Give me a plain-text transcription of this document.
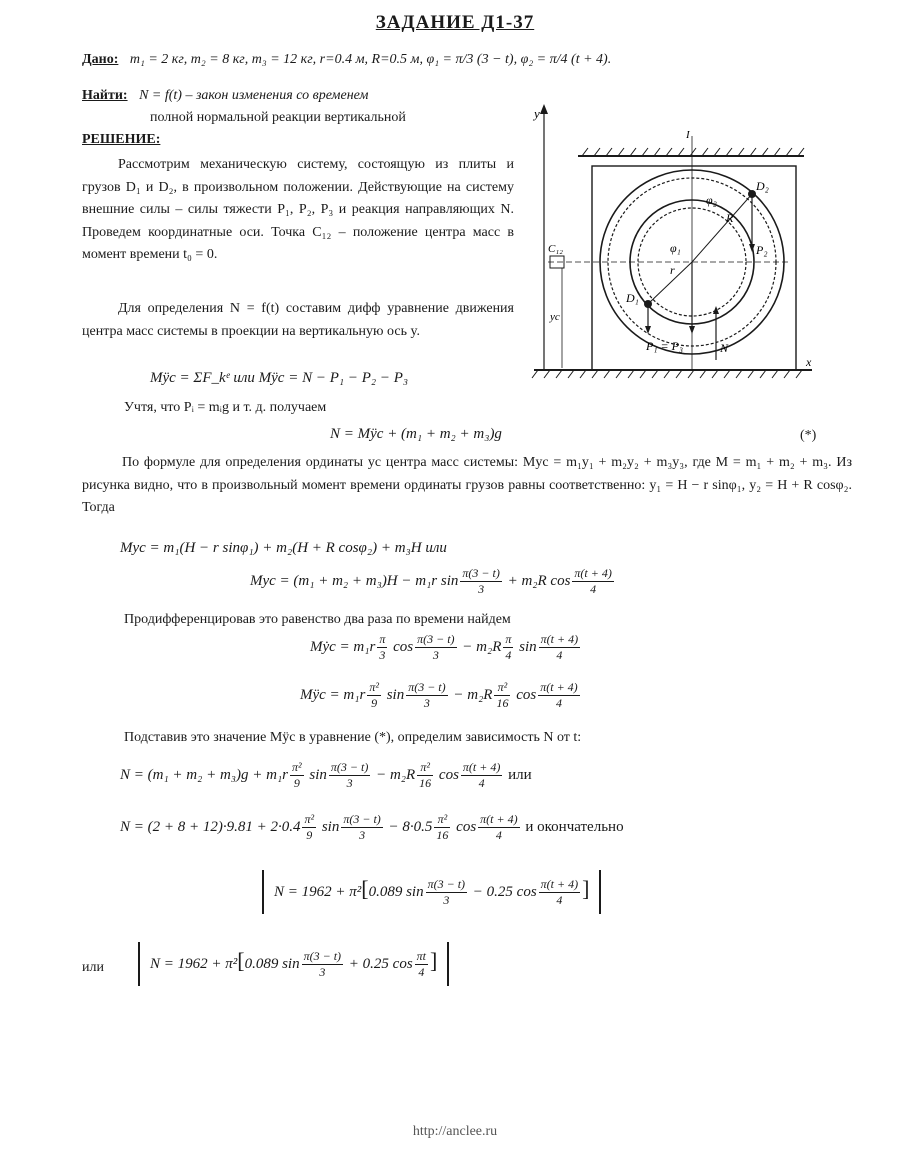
ЗАДАНИЕ Д1-37
Дано: m₁ = 2 кг, m₂ = 8 кг, m₃ = 12 кг, r=0.4 м, R=0.5 м, φ₁ = π/3 (3 − t), φ₂ = π/4 (t + 4).
Найти: N = f(t) – закон изменения со временем
полной нормальной реакции вертикальной
РЕШЕНИЕ:
Рассмотрим механическую систему, состоящую из плиты и грузов D₁ и D₂, в произвольном положении. Действующие на систему внешние силы – силы тяжести P₁, P₂, P₃ и реакция направляющих N. Проведем координатные оси. Точка C₁₂ – положение центра масс в момент времени t₀ = 0.
Для определения N = f(t) составим дифф уравнение движения центра масс системы в проекции на вертикальную ось y.
y
x
I
r
R
D₁
D₂
φ₁
φ₂
P₂
N
P₁ = P₃
C₁₂
yc
Mÿc = ΣF_kᵉ или Mÿc = N − P₁ − P₂ − P₃
Учтя, что Pᵢ = mᵢg и т. д. получаем
N = Mÿc + (m₁ + m₂ + m₃)g	(*)
По формуле для определения ординаты yc центра масс системы: Myc = m₁y₁ + m₂y₂ + m₃y₃, где M = m₁ + m₂ + m₃. Из рисунка видно, что в произвольный момент времени ординаты грузов равны соответственно: y₁ = H − r sinφ₁, y₂ = H + R cosφ₂. Тогда
Myc = m₁(H − r sinφ₁) + m₂(H + R cosφ₂) + m₃H или
Myc = (m₁ + m₂ + m₃)H − m₁r $\sin \frac{\pi(3 - t)}{3} + m_2R$ $\cos \frac{\pi(t + 4)}{4}$
Продифференцировав это равенство два раза по времени найдем
Mẏc = $m_1r \frac{\pi}{3}$ $\cos \frac{\pi(3 - t)}{3} - m_2R \frac{\pi}{4}$ $\sin \frac{\pi(t + 4)}{4}$
Mÿc = $m_1r \frac{\text{π²}}{9}$ $\sin \frac{\pi(3 - t)}{3} - m_2R \frac{\text{π²}}{16}$ $\cos \frac{\pi(t + 4)}{4}$
Подставив это значение Mÿc в уравнение (*), определим зависимость N от t:
$N = (m_1 + m_2 + m_3)g + m_1r \frac{\text{π²}}{9}$ $\sin \frac{\pi(3 - t)}{3} - m_2R \frac{\text{π²}}{16}$ $\cos \frac{\pi(t + 4)}{4}$ или
$N = (2 + 8 + 12)\cdot 9.81 + 2\cdot 0.4 \frac{\text{π²}}{9}$ $\sin \frac{\pi(3 - t)}{3} - 8\cdot 0.5 \frac{\text{π²}}{16}$ $\cos \frac{\pi(t + 4)}{4}$ и окончательно
N = 1962 + π²[0.089 $\sin \frac{\pi(3 - t)}{3} - 0.25$ $\cos \frac{\pi(t + 4)}{4}$ ]
или	N = 1962 + π²[0.089 $\sin \frac{\pi(3 - t)}{3} + 0.25$ $\cos \frac{\pi t}{4}$ ]
http://anclee.ru
